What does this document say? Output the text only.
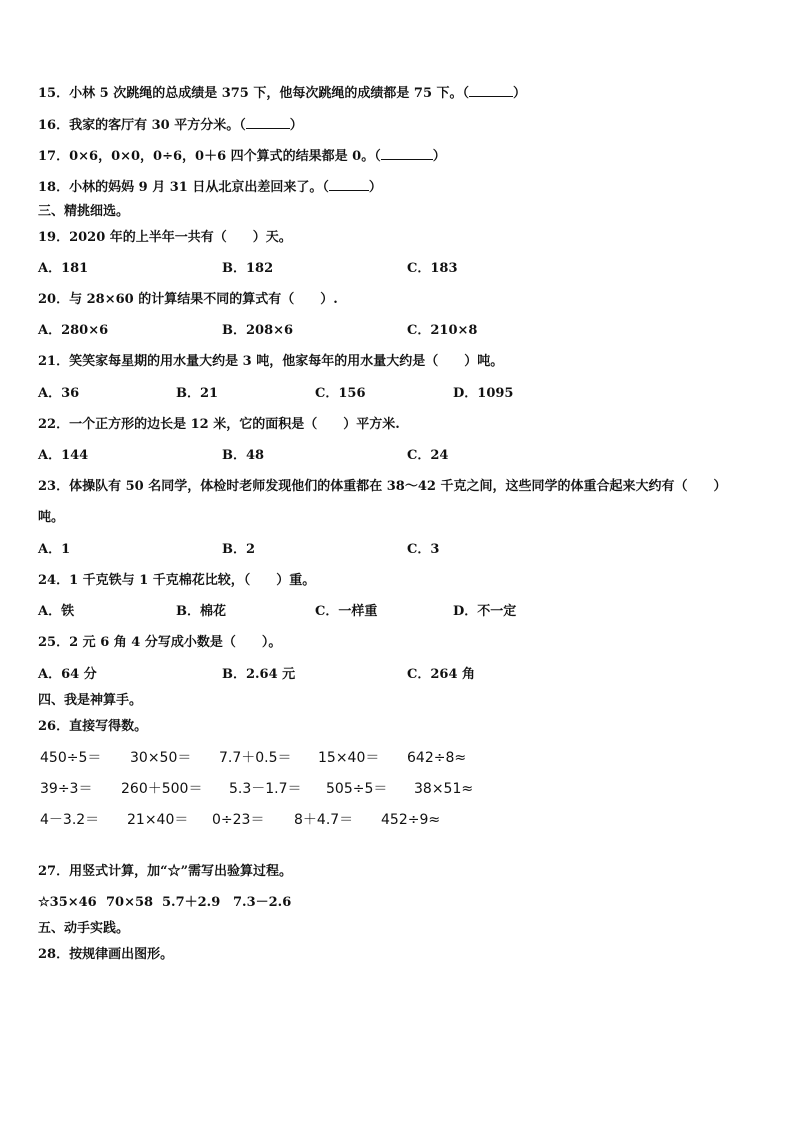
15．小林 5 次跳绳的总成绩是 375 下，他每次跳绳的成绩都是 75 下。（	）
16．我家的客厅有 30 平方分米。（	）
17．0×6，0×0，0÷6，0＋6 四个算式的结果都是 0。（	）
18．小林的妈妈 9 月 31 日从北京出差回来了。（	）
三、精挑细选。
19．2020 年的上半年一共有（　　）天。
A．181	B．182	C．183
20．与 28×60 的计算结果不同的算式有（　　）.
A．280×6	B．208×6	C．210×8
21．笑笑家每星期的用水量大约是 3 吨，他家每年的用水量大约是（　　）吨。
A．36	B．21	C．156	D．1095
22．一个正方形的边长是 12 米，它的面积是（　　）平方米.
A．144	B．48	C．24
23．体操队有 50 名同学，体检时老师发现他们的体重都在 38～42 千克之间，这些同学的体重合起来大约有（　　）
吨。
A．1	B．2	C．3
24．1 千克铁与 1 千克棉花比较，（　　）重。
A．铁	B．棉花	C．一样重	D．不一定
25．2 元 6 角 4 分写成小数是（　　）。
A．64 分	B．2.64 元	C．264 角
四、我是神算手。
26．直接写得数。
450÷5＝ 30×50＝ 7.7＋0.5＝ 15×40＝ 642÷8≈
39÷3＝ 260＋500＝ 5.3－1.7＝ 505÷5＝ 38×51≈
4－3.2＝ 21×40＝ 0÷23＝ 8＋4.7＝ 452÷9≈
27．用竖式计算，加“☆”需写出验算过程。
☆35×46 70×58 5.7＋2.9 7.3－2.6
五、动手实践。
28．按规律画出图形。
